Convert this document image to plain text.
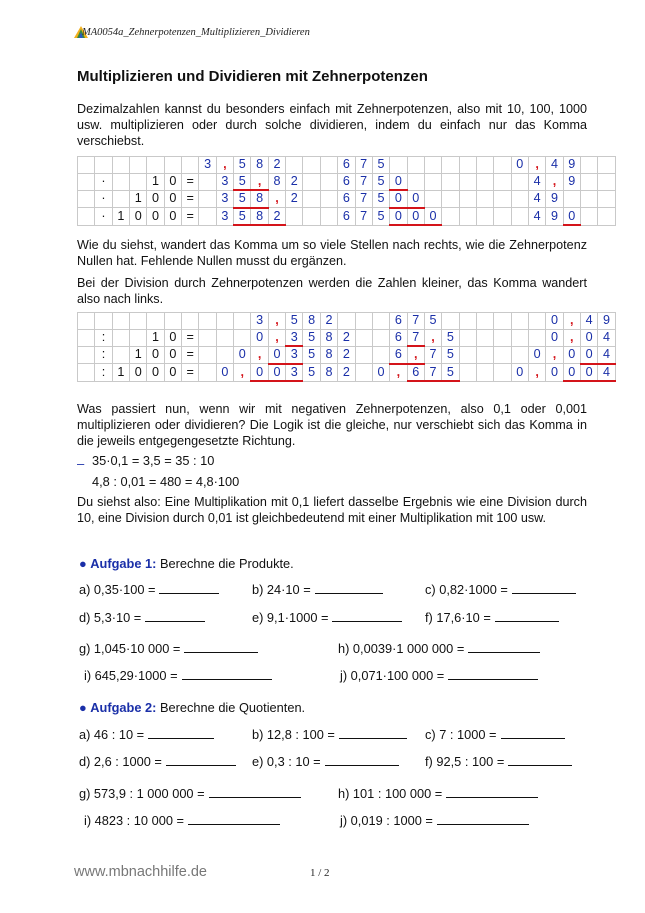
MA0054a_Zehnerpotenzen_Multiplizieren_Dividieren
Multiplizieren und Dividieren mit Zehnerpotenzen
Dezimalzahlen kannst du besonders einfach mit Zehnerpotenzen, also mit 10, 100, 1000 usw. multiplizieren oder durch solche dividieren, indem du einfach nur das Komma verschiebst.
							3	,	5	8	2				6	7	5								0	,	4	9		
	·			1	0	=		3	5	,	8	2			6	7	5	0								4	,	9		
	·		1	0	0	=		3	5	8	,	2			6	7	5	0	0							4	9			
	·	1	0	0	0	=		3	5	8	2				6	7	5	0	0	0						4	9	0		
Wie du siehst, wandert das Komma um so viele Stellen nach rechts, wie die Zehnerpotenz Nullen hat. Fehlende Nullen musst du ergänzen.
Bei der Division durch Zehnerpotenzen werden die Zahlen kleiner, das Komma wandert also nach links.
										3	,	5	8	2				6	7	5							0	,	4	9
	:			1	0	=				0	,	3	5	8	2			6	7	,	5						0	,	0	4
	:		1	0	0	=			0	,	0	3	5	8	2			6	,	7	5					0	,	0	0	4
	:	1	0	0	0	=		0	,	0	0	3	5	8	2		0	,	6	7	5				0	,	0	0	0	4
Was passiert nun, wenn wir mit negativen Zehnerpotenzen, also 0,1 oder 0,001 multiplizieren oder dividieren? Die Logik ist die gleiche, nur verschiebt sich das Komma in die jeweils entgegengesetzte Richtung.
– 35·0,1 = 3,5 = 35 : 10
4,8 : 0,01 = 480 = 4,8·100
Du siehst also: Eine Multiplikation mit 0,1 liefert dasselbe Ergebnis wie eine Division durch 10, eine Division durch 0,01 ist gleichbedeutend mit einer Multiplikation mit 100 usw.
● Aufgabe 1: Berechne die Produkte.
a) 0,35·100 =	b) 24·10 =	c) 0,82·1000 =
d) 5,3·10 =	e) 9,1·1000 =	f) 17,6·10 =
g) 1,045·10 000 =	h) 0,0039·1 000 000 =
i) 645,29·1000 =	j) 0,071·100 000 =
● Aufgabe 2: Berechne die Quotienten.
a) 46 : 10 =	b) 12,8 : 100 =	c) 7 : 1000 =
d) 2,6 : 1000 =	e) 0,3 : 10 =	f) 92,5 : 100 =
g) 573,9 : 1 000 000 =	h) 101 : 100 000 =
i) 4823 : 10 000 =	j) 0,019 : 1000 =
www.mbnachhilfe.de	1 / 2
